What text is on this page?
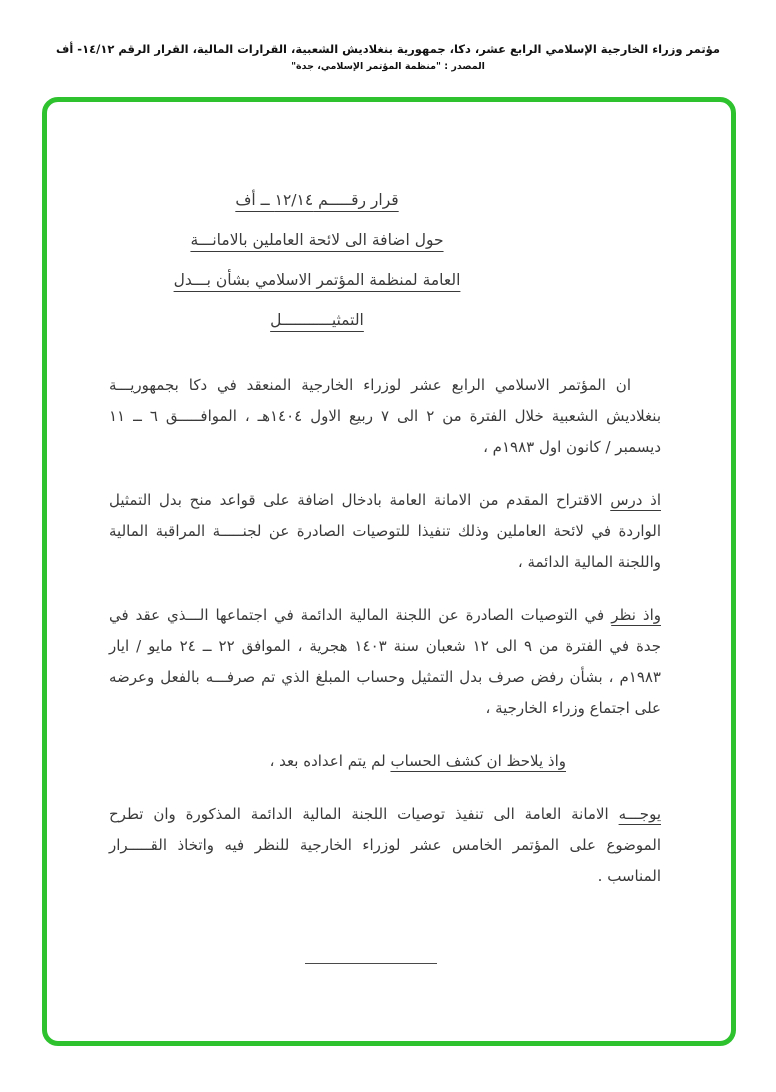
مؤتمر وزراء الخارجية الإسلامي الرابع عشر، دكا، جمهورية بنغلاديش الشعبية، القرارات المالية، القرار الرقم ١٤/١٢- أف
المصدر : "منظمة المؤتمر الإسلامي، جدة"
قرار رقـــــم ١٢/١٤ ــ أف
حول اضافة الى لائحة العاملين بالامانـــة
العامة لمنظمة المؤتمر الاسلامي بشأن بـــدل
التمثيـــــــــــل

ان المؤتمر الاسلامي الرابع عشر لوزراء الخارجية المنعقد في دكا بجمهوريـــة بنغلاديش الشعبية خلال الفترة من ٢ الى ٧ ربيع الاول ١٤٠٤هـ ، الموافـــــق ٦ ــ ١١ ديسمبر / كانون اول ١٩٨٣م ،

اذ درس الاقتراح المقدم من الامانة العامة بادخال اضافة على قواعد منح بدل التمثيل الواردة في لائحة العاملين وذلك تنفيذا للتوصيات الصادرة عن لجنـــــة المراقبة المالية واللجنة المالية الدائمة ،

واذ نظر في التوصيات الصادرة عن اللجنة المالية الدائمة في اجتماعها الـــذي عقد في جدة في الفترة من ٩ الى ١٢ شعبان سنة ١٤٠٣ هجرية ، الموافق ٢٢ ــ ٢٤ مايو / ايار ١٩٨٣م ، بشأن رفض صرف بدل التمثيل وحساب المبلغ الذي تم صرفـــه بالفعل وعرضه على اجتماع وزراء الخارجية ،

واذ يلاحظ ان كشف الحساب لم يتم اعداده بعد ،

يوجـــه الامانة العامة الى تنفيذ توصيات اللجنة المالية الدائمة المذكورة وان تطرح الموضوع على المؤتمر الخامس عشر لوزراء الخارجية للنظر فيه واتخاذ القـــــرار المناسب .
